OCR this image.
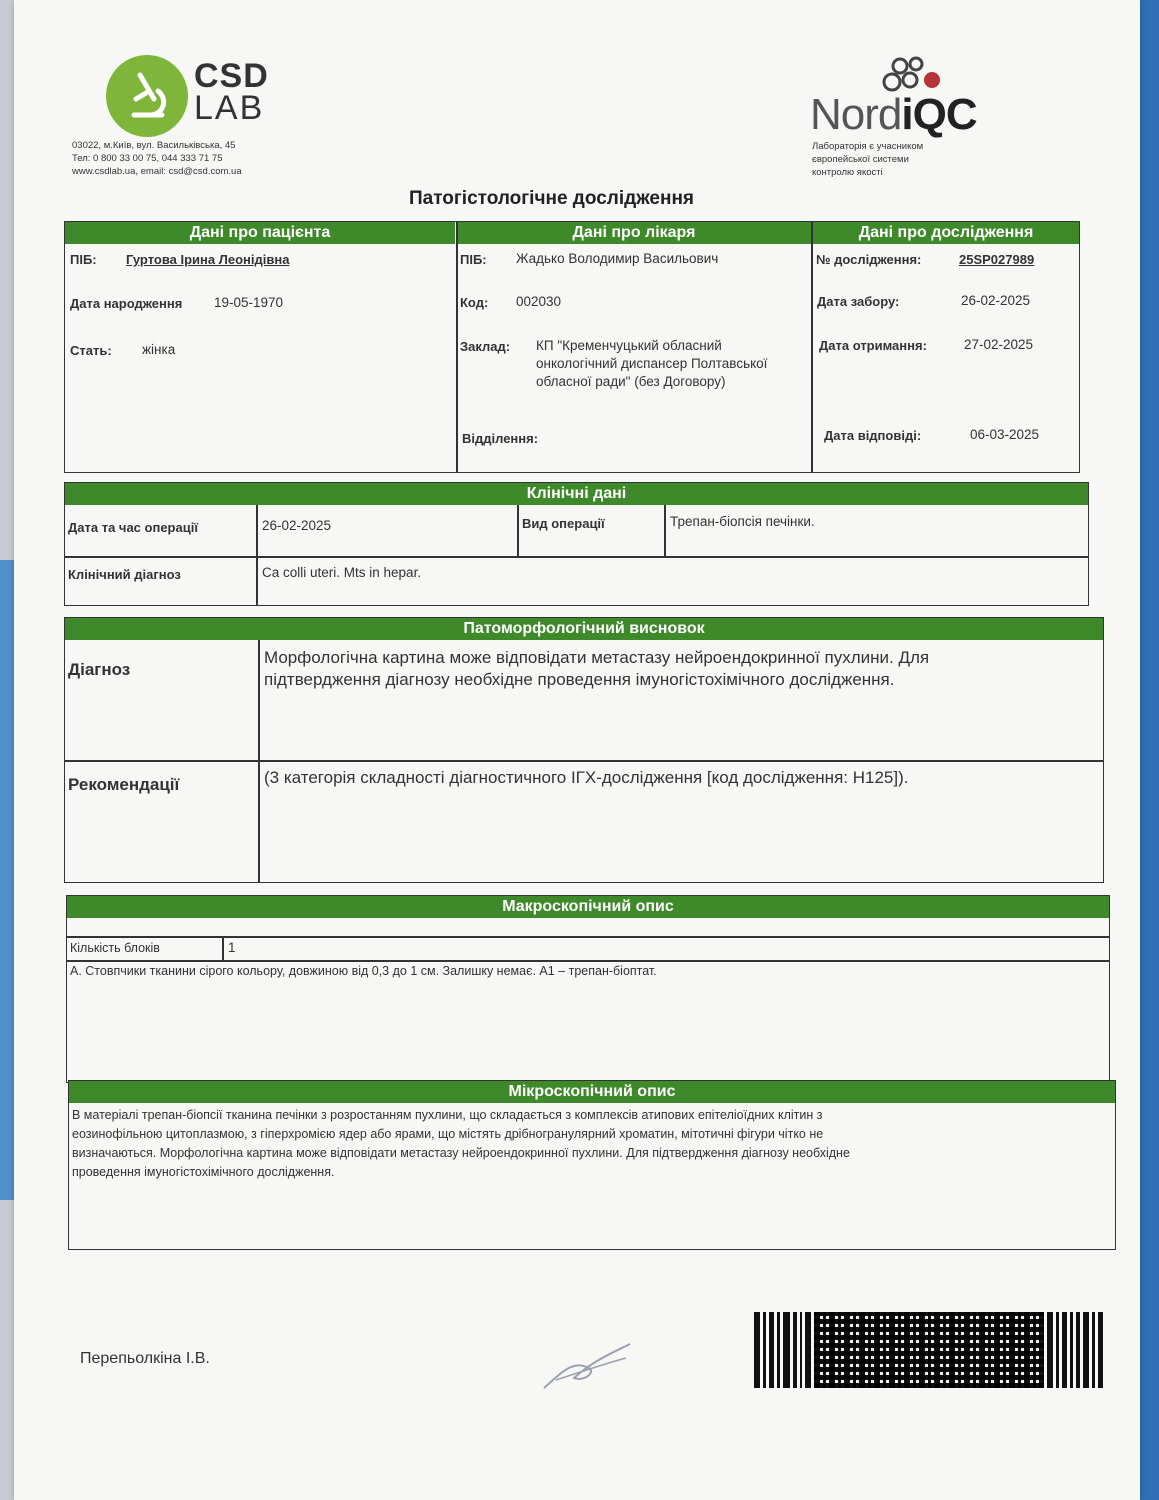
CSD
LAB
03022, м.Київ, вул. Васильківська, 45
Тел: 0 800 33 00 75, 044 333 71 75
www.csdlab.ua, email: csd@csd.com.ua
NordiQC
Лабораторія є учасником
європейської системи
контролю якості
Патогістологічне дослідження
Дані про пацієнта	Дані про лікаря	Дані про дослідження
ПІБ: Гуртова Ірина Леонідівна
Дата народження 19-05-1970
Стать: жінка
ПІБ: Жадько Володимир Васильович
Код: 002030
Заклад: КП "Кременчуцький обласний
онкологічний диспансер Полтавської
обласної ради" (без Договору)
Відділення:
№ дослідження:	25SP027989
Дата забору:	26-02-2025
Дата отримання:	27-02-2025
Дата відповіді:	06-03-2025
Клінічні дані
Дата та час операції	26-02-2025	Вид операції	Трепан-біопсія печінки.
Клінічний діагноз	Ca colli uteri. Mts in hepar.
Патоморфологічний висновок
Діагноз
Морфологічна картина може відповідати метастазу нейроендокринної пухлини. Для
підтвердження діагнозу необхідне проведення імуногістохімічного дослідження.
Рекомендації	(3 категорія складності діагностичного ІГХ-дослідження [код дослідження: H125]).
Макроскопічний опис
Кількість блоків	1
А. Стовпчики тканини сірого кольору, довжиною від 0,3 до 1 см. Залишку немає. А1 – трепан-біоптат.
Мікроскопічний опис
В матеріалі трепан-біопсії тканина печінки з розростанням пухлини, що складається з комплексів атипових епітеліоїдних клітин з
еозинофільною цитоплазмою, з гіперхромією ядер або ярами, що містять дрібногранулярний хроматин, мітотичні фігури чітко не
визначаються. Морфологічна картина може відповідати метастазу нейроендокринної пухлини. Для підтвердження діагнозу необхідне
проведення імуногістохімічного дослідження.
Перепьолкіна І.В.
